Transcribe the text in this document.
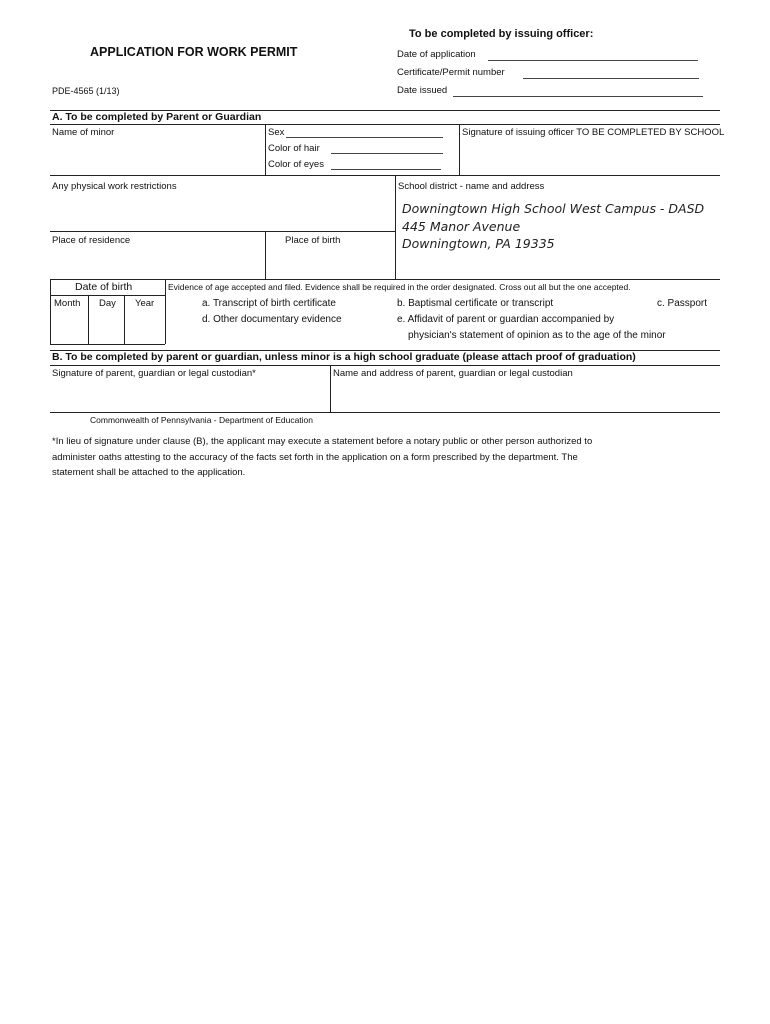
To be completed by issuing officer:
Date of application
Certificate/Permit number
Date issued
APPLICATION FOR WORK PERMIT
PDE-4565 (1/13)
A. To be completed by Parent or Guardian
Name of minor	Sex
Color of hair
Color of eyes
Signature of issuing officer TO BE COMPLETED BY SCHOOL
Any physical work restrictions	School district - name and address
Downingtown High School West Campus - DASD
445 Manor Avenue
Downingtown, PA 19335
Place of residence	Place of birth
Date of birth
Month Day Year
Evidence of age accepted and filed. Evidence shall be required in the order designated. Cross out all but the one accepted.
a. Transcript of birth certificate	b. Baptismal certificate or transcript	c. Passport
d. Other documentary evidence	e. Affidavit of parent or guardian accompanied by
physician's statement of opinion as to the age of the minor
B. To be completed by parent or guardian, unless minor is a high school graduate (please attach proof of graduation)
Signature of parent, guardian or legal custodian*	Name and address of parent, guardian or legal custodian
Commonwealth of Pennsylvania - Department of Education
*In lieu of signature under clause (B), the applicant may execute a statement before a notary public or other person authorized to
administer oaths attesting to the accuracy of the facts set forth in the application on a form prescribed by the department. The
statement shall be attached to the application.
